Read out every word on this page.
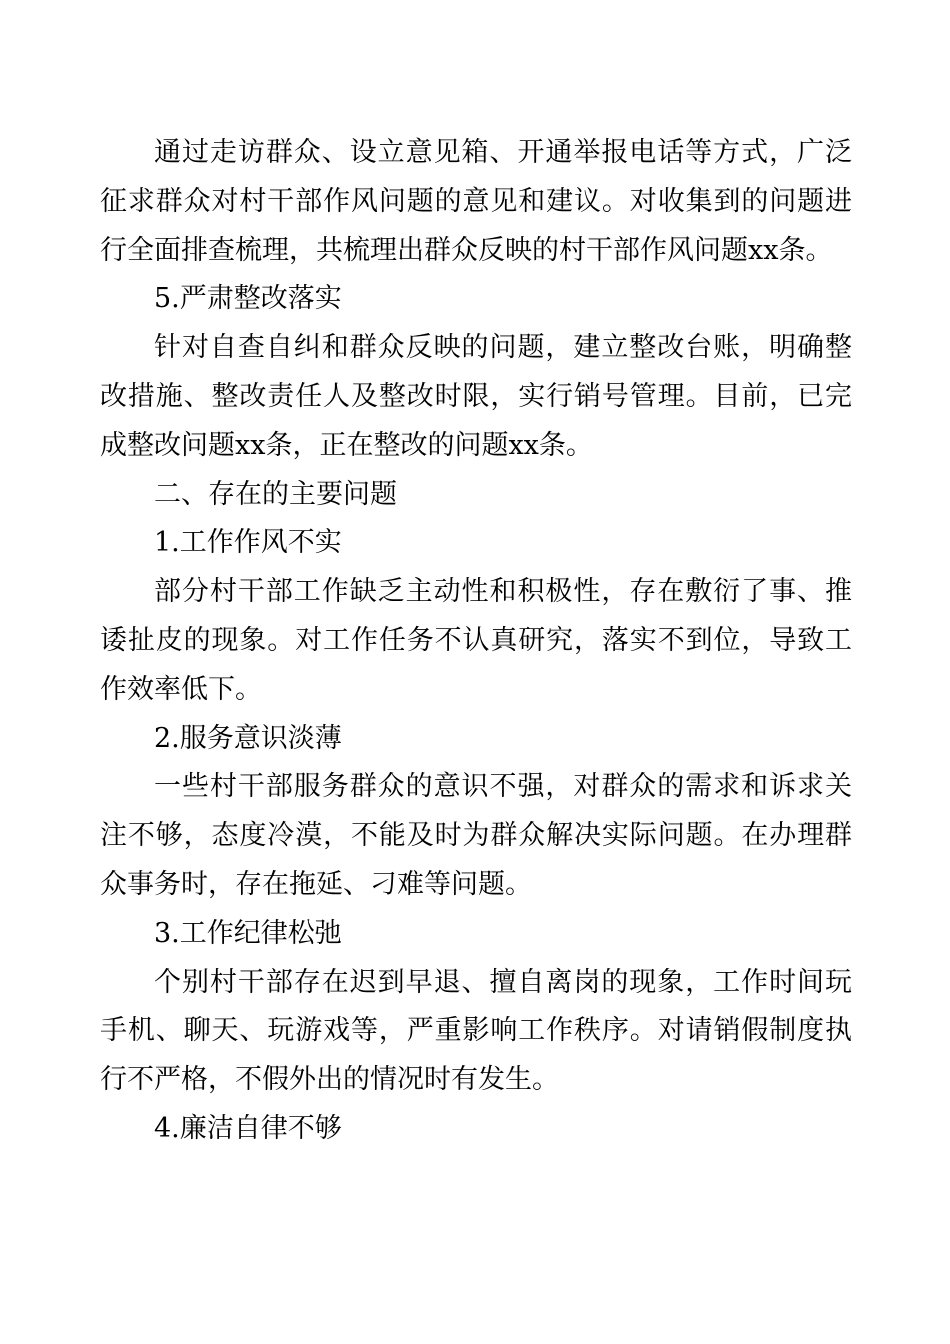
通过走访群众、设立意见箱、开通举报电话等方式，广泛征求群众对村干部作风问题的意见和建议。对收集到的问题进行全面排查梳理，共梳理出群众反映的村干部作风问题xx条。

5.严肃整改落实

针对自查自纠和群众反映的问题，建立整改台账，明确整改措施、整改责任人及整改时限，实行销号管理。目前，已完成整改问题xx条，正在整改的问题xx条。

二、存在的主要问题

1.工作作风不实

部分村干部工作缺乏主动性和积极性，存在敷衍了事、推诿扯皮的现象。对工作任务不认真研究，落实不到位，导致工作效率低下。

2.服务意识淡薄

一些村干部服务群众的意识不强，对群众的需求和诉求关注不够，态度冷漠，不能及时为群众解决实际问题。在办理群众事务时，存在拖延、刁难等问题。

3.工作纪律松弛

个别村干部存在迟到早退、擅自离岗的现象，工作时间玩手机、聊天、玩游戏等，严重影响工作秩序。对请销假制度执行不严格，不假外出的情况时有发生。

4.廉洁自律不够
